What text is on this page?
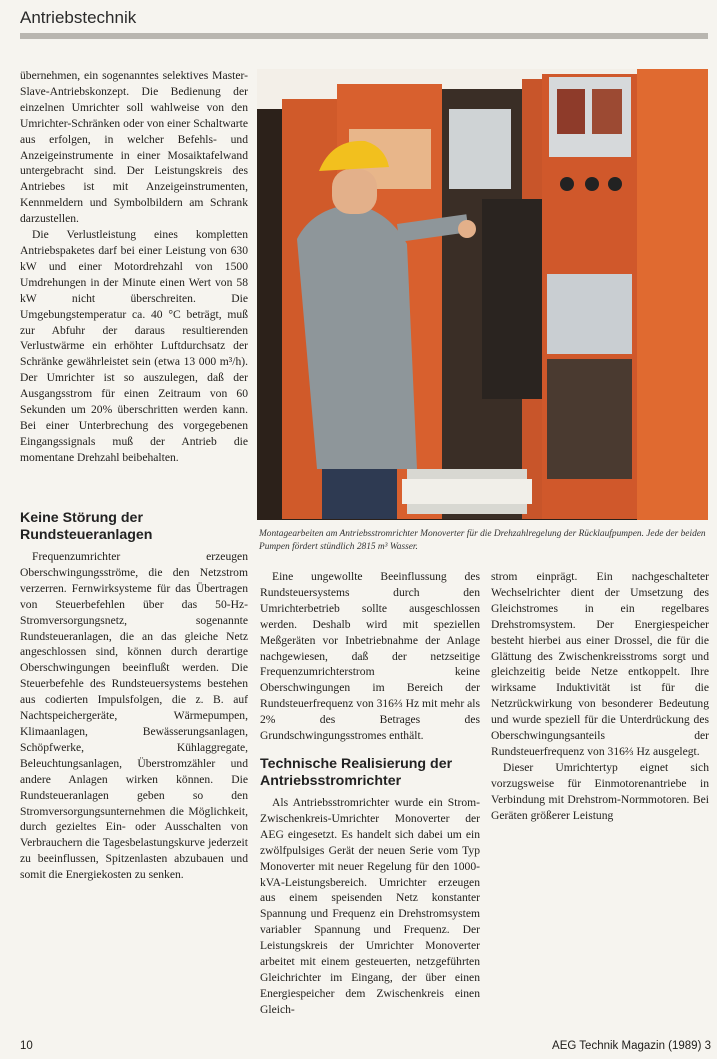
Antriebstechnik

übernehmen, ein sogenanntes selektives Master-Slave-Antriebskonzept. Die Bedienung der einzelnen Umrichter soll wahlweise von den Umrichter-Schränken oder von einer Schaltwarte aus erfolgen, in welcher Befehls- und Anzeigeinstrumente in einer Mosaiktafelwand untergebracht sind. Der Leistungskreis des Antriebes ist mit Anzeigeinstrumenten, Kennmeldern und Symbolbildern am Schrank darzustellen.

Die Verlustleistung eines kompletten Antriebspaketes darf bei einer Leistung von 630 kW und einer Motordrehzahl von 1500 Umdrehungen in der Minute einen Wert von 58 kW nicht überschreiten. Die Umgebungstemperatur ca. 40 °C beträgt, muß zur Abfuhr der daraus resultierenden Verlustwärme ein erhöhter Luftdurchsatz der Schränke gewährleistet sein (etwa 13 000 m³/h). Der Umrichter ist so auszulegen, daß der Ausgangsstrom für einen Zeitraum von 60 Sekunden um 20% überschritten werden kann. Bei einer Unterbrechung des vorgegebenen Eingangssignals muß der Antrieb die momentane Drehzahl beibehalten.

Keine Störung der Rundsteueranlagen

Frequenzumrichter erzeugen Oberschwingungsströme, die den Netzstrom verzerren. Fernwirksysteme für das Übertragen von Steuerbefehlen über das 50-Hz-Stromversorgungsnetz, sogenannte Rundsteueranlagen, die an das gleiche Netz angeschlossen sind, können durch derartige Oberschwingungen beeinflußt werden. Die Steuerbefehle des Rundsteuersystems bestehen aus codierten Impulsfolgen, die z. B. auf Nachtspeichergeräte, Wärmepumpen, Klimaanlagen, Bewässerungsanlagen, Schöpfwerke, Kühlaggregate, Beleuchtungsanlagen, Überstromzähler und andere Anlagen wirken können. Die Rundsteueranlagen geben so den Stromversorgungsunternehmen die Möglichkeit, durch gezieltes Ein- oder Ausschalten von Verbrauchern die Tagesbelastungskurve jederzeit zu beeinflussen, Spitzenlasten abzubauen und somit die Energiekosten zu senken.

Montagearbeiten am Antriebsstromrichter Monoverter für die Drehzahlregelung der Rücklaufpumpen. Jede der beiden Pumpen fördert stündlich 2815 m³ Wasser.

Eine ungewollte Beeinflussung des Rundsteuersystems durch den Umrichterbetrieb sollte ausgeschlossen werden. Deshalb wird mit speziellen Meßgeräten vor Inbetriebnahme der Anlage nachgewiesen, daß der netzseitige Frequenzumrichterstrom keine Oberschwingungen im Bereich der Rundsteuerfrequenz von 316⅔ Hz mit mehr als 2% des Betrages des Grundschwingungsstromes enthält.

Technische Realisierung der Antriebsstromrichter

Als Antriebsstromrichter wurde ein Strom-Zwischenkreis-Umrichter Monoverter der AEG eingesetzt. Es handelt sich dabei um ein zwölfpulsiges Gerät der neuen Serie vom Typ Monoverter mit neuer Regelung für den 1000-kVA-Leistungsbereich. Umrichter erzeugen aus einem speisenden Netz konstanter Spannung und Frequenz ein Drehstromsystem variabler Spannung und Frequenz. Der Leistungskreis der Umrichter Monoverter arbeitet mit einem gesteuerten, netzgeführten Gleichrichter im Eingang, der über einen Energiespeicher dem Zwischenkreis einen Gleich-

strom einprägt. Ein nachgeschalteter Wechselrichter dient der Umsetzung des Gleichstromes in ein regelbares Drehstromsystem. Der Energiespeicher besteht hierbei aus einer Drossel, die für die Glättung des Zwischenkreisstroms sorgt und gleichzeitig beide Netze entkoppelt. Ihre wirksame Induktivität ist für die Netzrückwirkung von besonderer Bedeutung und wurde speziell für die Unterdrückung des Oberschwingungsanteils der Rundsteuerfrequenz von 316⅔ Hz ausgelegt.

Dieser Umrichtertyp eignet sich vorzugsweise für Einmotorenantriebe in Verbindung mit Drehstrom-Normmotoren. Bei Geräten größerer Leistung

10	AEG Technik Magazin (1989) 3
